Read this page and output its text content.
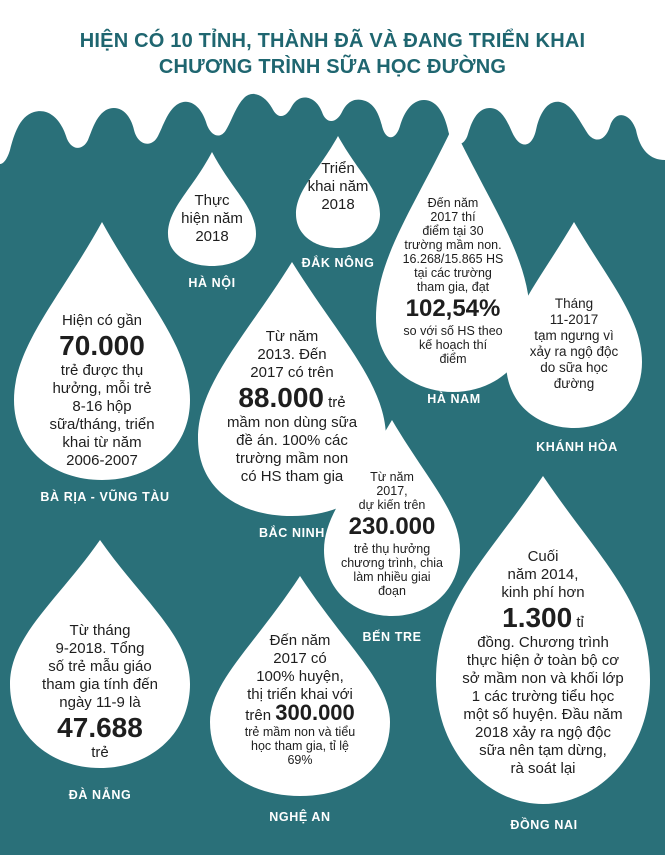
HIỆN CÓ 10 TỈNH, THÀNH ĐÃ VÀ ĐANG TRIỂN KHAI
CHƯƠNG TRÌNH SỮA HỌC ĐƯỜNG
Thực
hiện năm
2018
HÀ NỘI
Triển
khai năm
2018
ĐẮK NÔNG
Đến năm
2017 thí
điểm tại 30
trường mầm non.
16.268/15.865 HS
tại các trường
tham gia, đạt
102,54%
so với số HS theo
kế hoạch thí
điểm
HÀ NAM
Tháng
11-2017
tạm ngưng vì
xảy ra ngộ độc
do sữa học
đường
KHÁNH HÒA
Hiện có gần
70.000
trẻ được thụ
hưởng, mỗi trẻ
8-16 hộp
sữa/tháng, triển
khai từ năm
2006-2007
BÀ RỊA - VŨNG TÀU
Từ năm
2013. Đến
2017 có trên
88.000 trẻ
mầm non dùng sữa
đề án. 100% các
trường mầm non
có HS tham gia
BẮC NINH
Từ năm
2017,
dự kiến trên
230.000
trẻ thụ hưởng
chương trình, chia
làm nhiều giai
đoạn
BẾN TRE
Từ tháng
9-2018. Tổng
số trẻ mẫu giáo
tham gia tính đến
ngày 11-9 là
47.688
trẻ
ĐÀ NẴNG
Đến năm
2017 có
100% huyện,
thị triển khai với
trên 300.000
trẻ mầm non và tiểu
học tham gia, tỉ lệ
69%
NGHỆ AN
Cuối
năm 2014,
kinh phí hơn
1.300 tỉ
đồng. Chương trình
thực hiện ở toàn bộ cơ
sở mầm non và khối lớp
1 các trường tiểu học
một số huyện. Đầu năm
2018 xảy ra ngộ độc
sữa nên tạm dừng,
rà soát lại
ĐỒNG NAI
